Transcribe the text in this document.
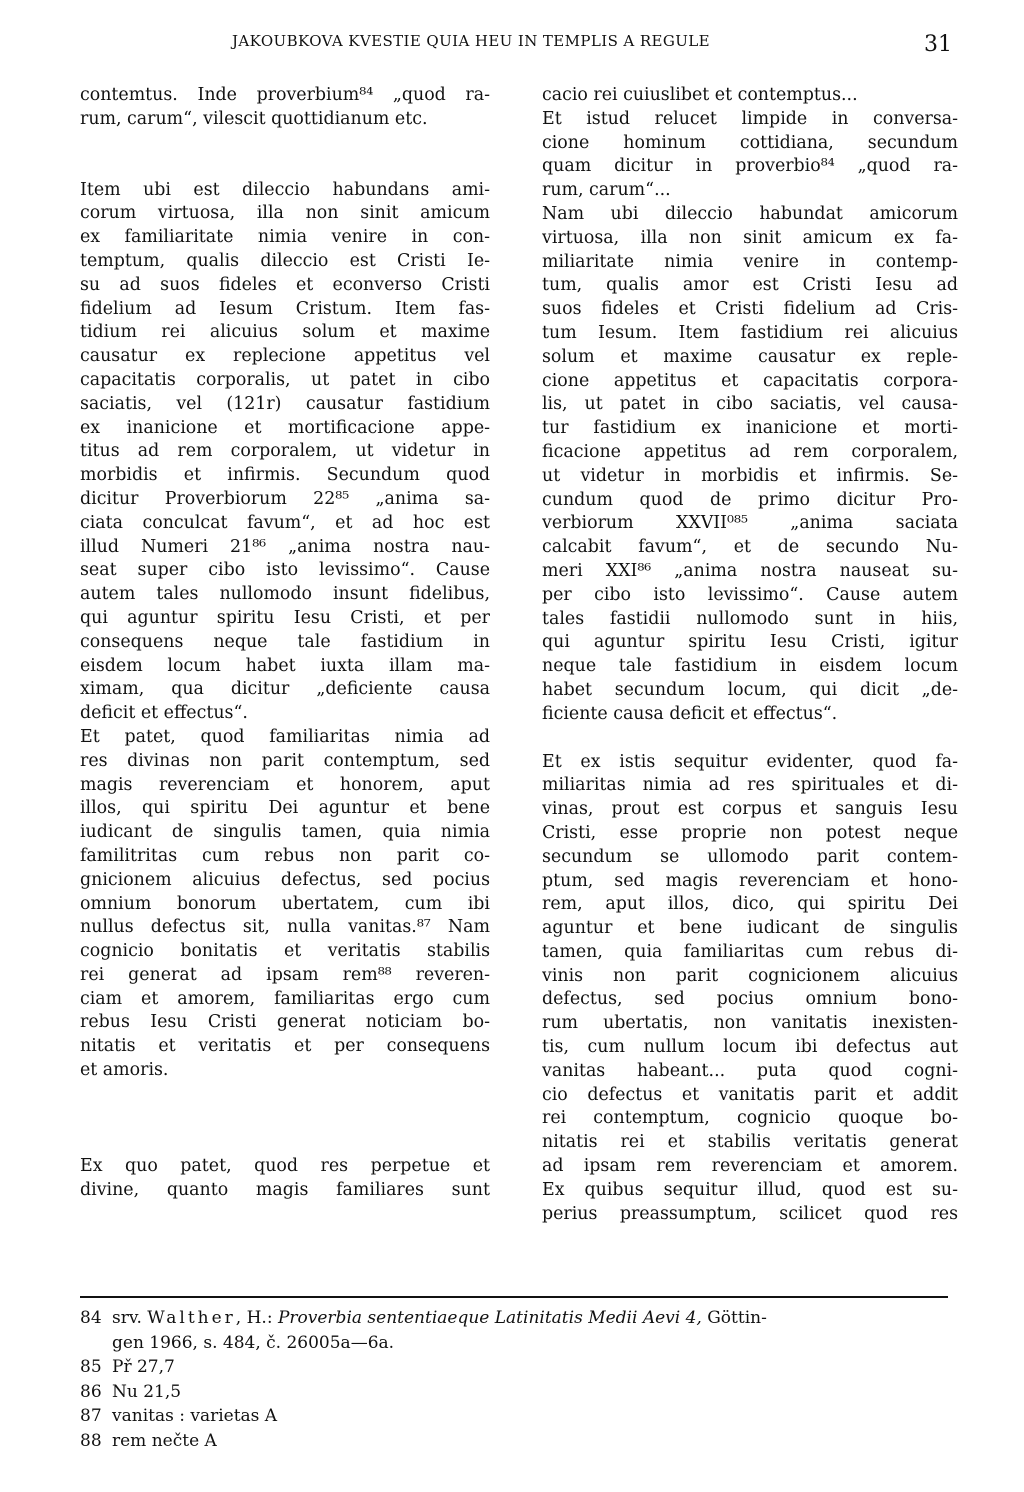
JAKOUBKOVA KVESTIE QUIA HEU IN TEMPLIS A REGULE	31
contemtus. Inde proverbium⁸⁴ „quod ra-
rum, carum“, vilescit quottidianum etc.
Item ubi est dileccio habundans ami-
corum virtuosa, illa non sinit amicum
ex familiaritate nimia venire in con-
temptum, qualis dileccio est Cristi Ie-
su ad suos fideles et econverso Cristi
fidelium ad Iesum Cristum. Item fas-
tidium rei alicuius solum et maxime
causatur ex replecione appetitus vel
capacitatis corporalis, ut patet in cibo
saciatis, vel (121r) causatur fastidium
ex inanicione et mortificacione appe-
titus ad rem corporalem, ut videtur in
morbidis et infirmis. Secundum quod
dicitur Proverbiorum 22⁸⁵ „anima sa-
ciata conculcat favum“, et ad hoc est
illud Numeri 21⁸⁶ „anima nostra nau-
seat super cibo isto levissimo“. Cause
autem tales nullomodo insunt fidelibus,
qui aguntur spiritu Iesu Cristi, et per
consequens neque tale fastidium in
eisdem locum habet iuxta illam ma-
ximam, qua dicitur „deficiente causa
deficit et effectus“.
Et patet, quod familiaritas nimia ad
res divinas non parit contemptum, sed
magis reverenciam et honorem, aput
illos, qui spiritu Dei aguntur et bene
iudicant de singulis tamen, quia nimia
familitritas cum rebus non parit co-
gnicionem alicuius defectus, sed pocius
omnium bonorum ubertatem, cum ibi
nullus defectus sit, nulla vanitas.⁸⁷ Nam
cognicio bonitatis et veritatis stabilis
rei generat ad ipsam rem⁸⁸ reveren-
ciam et amorem, familiaritas ergo cum
rebus Iesu Cristi generat noticiam bo-
nitatis et veritatis et per consequens
et amoris.
Ex quo patet, quod res perpetue et
divine, quanto magis familiares sunt
cacio rei cuiuslibet et contemptus...
Et istud relucet limpide in conversa-
cione hominum cottidiana, secundum
quam dicitur in proverbio⁸⁴ „quod ra-
rum, carum“...
Nam ubi dileccio habundat amicorum
virtuosa, illa non sinit amicum ex fa-
miliaritate nimia venire in contemp-
tum, qualis amor est Cristi Iesu ad
suos fideles et Cristi fidelium ad Cris-
tum Iesum. Item fastidium rei alicuius
solum et maxime causatur ex reple-
cione appetitus et capacitatis corpora-
lis, ut patet in cibo saciatis, vel causa-
tur fastidium ex inanicione et morti-
ficacione appetitus ad rem corporalem,
ut videtur in morbidis et infirmis. Se-
cundum quod de primo dicitur Pro-
verbiorum XXVII⁰⁸⁵ „anima saciata
calcabit favum“, et de secundo Nu-
meri XXI⁸⁶ „anima nostra nauseat su-
per cibo isto levissimo“. Cause autem
tales fastidii nullomodo sunt in hiis,
qui aguntur spiritu Iesu Cristi, igitur
neque tale fastidium in eisdem locum
habet secundum locum, qui dicit „de-
ficiente causa deficit et effectus“.
Et ex istis sequitur evidenter, quod fa-
miliaritas nimia ad res spirituales et di-
vinas, prout est corpus et sanguis Iesu
Cristi, esse proprie non potest neque
secundum se ullomodo parit contem-
ptum, sed magis reverenciam et hono-
rem, aput illos, dico, qui spiritu Dei
aguntur et bene iudicant de singulis
tamen, quia familiaritas cum rebus di-
vinis non parit cognicionem alicuius
defectus, sed pocius omnium bono-
rum ubertatis, non vanitatis inexisten-
tis, cum nullum locum ibi defectus aut
vanitas habeant... puta quod cogni-
cio defectus et vanitatis parit et addit
rei contemptum, cognicio quoque bo-
nitatis rei et stabilis veritatis generat
ad ipsam rem reverenciam et amorem.
Ex quibus sequitur illud, quod est su-
perius preassumptum, scilicet quod res
84 srv. Walther, H.: Proverbia sententiaeque Latinitatis Medii Aevi 4, Göttin-
gen 1966, s. 484, č. 26005a—6a.
85 Př 27,7
86 Nu 21,5
87 vanitas : varietas A
88 rem nečte A
